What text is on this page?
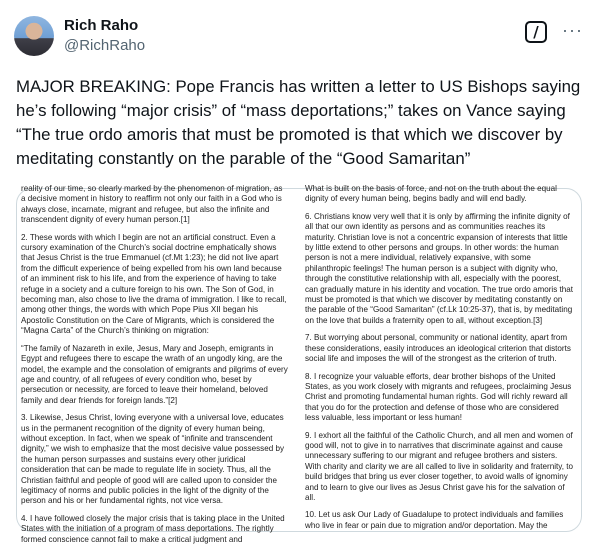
Rich Raho
@RichRaho
/	···

MAJOR BREAKING: Pope Francis has written a letter to US Bishops saying he’s following “major crisis” of “mass deportations;” takes on Vance saying “The true ordo amoris that must be promoted is that which we discover by meditating constantly on the parable of the “Good Samaritan”

reality of our time, so clearly marked by the phenomenon of migration, as a decisive moment in history to reaffirm not only our faith in a God who is always close, incarnate, migrant and refugee, but also the infinite and transcendent dignity of every human person.[1]

2. These words with which I begin are not an artificial construct. Even a cursory examination of the Church’s social doctrine emphatically shows that Jesus Christ is the true Emmanuel (cf.Mt 1:23); he did not live apart from the difficult experience of being expelled from his own land because of an imminent risk to his life, and from the experience of having to take refuge in a society and a culture foreign to his own. The Son of God, in becoming man, also chose to live the drama of immigration. I like to recall, among other things, the words with which Pope Pius XII began his Apostolic Constitution on the Care of Migrants, which is considered the “Magna Carta” of the Church’s thinking on migration:

“The family of Nazareth in exile, Jesus, Mary and Joseph, emigrants in Egypt and refugees there to escape the wrath of an ungodly king, are the model, the example and the consolation of emigrants and pilgrims of every age and country, of all refugees of every condition who, beset by persecution or necessity, are forced to leave their homeland, beloved family and dear friends for foreign lands.”[2]

3. Likewise, Jesus Christ, loving everyone with a universal love, educates us in the permanent recognition of the dignity of every human being, without exception. In fact, when we speak of “infinite and transcendent dignity,” we wish to emphasize that the most decisive value possessed by the human person surpasses and sustains every other juridical consideration that can be made to regulate life in society. Thus, all the Christian faithful and people of good will are called upon to consider the legitimacy of norms and public policies in the light of the dignity of the person and his or her fundamental rights, not vice versa.

4. I have followed closely the major crisis that is taking place in the United States with the initiation of a program of mass deportations. The rightly formed conscience cannot fail to make a critical judgment and

What is built on the basis of force, and not on the truth about the equal dignity of every human being, begins badly and will end badly.

6. Christians know very well that it is only by affirming the infinite dignity of all that our own identity as persons and as communities reaches its maturity. Christian love is not a concentric expansion of interests that little by little extend to other persons and groups. In other words: the human person is not a mere individual, relatively expansive, with some philanthropic feelings! The human person is a subject with dignity who, through the constitutive relationship with all, especially with the poorest, can gradually mature in his identity and vocation. The true ordo amoris that must be promoted is that which we discover by meditating constantly on the parable of the “Good Samaritan” (cf.Lk 10:25-37), that is, by meditating on the love that builds a fraternity open to all, without exception.[3]

7. But worrying about personal, community or national identity, apart from these considerations, easily introduces an ideological criterion that distorts social life and imposes the will of the strongest as the criterion of truth.

8. I recognize your valuable efforts, dear brother bishops of the United States, as you work closely with migrants and refugees, proclaiming Jesus Christ and promoting fundamental human rights. God will richly reward all that you do for the protection and defense of those who are considered less valuable, less important or less human!

9. I exhort all the faithful of the Catholic Church, and all men and women of good will, not to give in to narratives that discriminate against and cause unnecessary suffering to our migrant and refugee brothers and sisters. With charity and clarity we are all called to live in solidarity and fraternity, to build bridges that bring us ever closer together, to avoid walls of ignominy and to learn to give our lives as Jesus Christ gave his for the salvation of all.

10. Let us ask Our Lady of Guadalupe to protect individuals and families who live in fear or pain due to migration and/or deportation. May the
